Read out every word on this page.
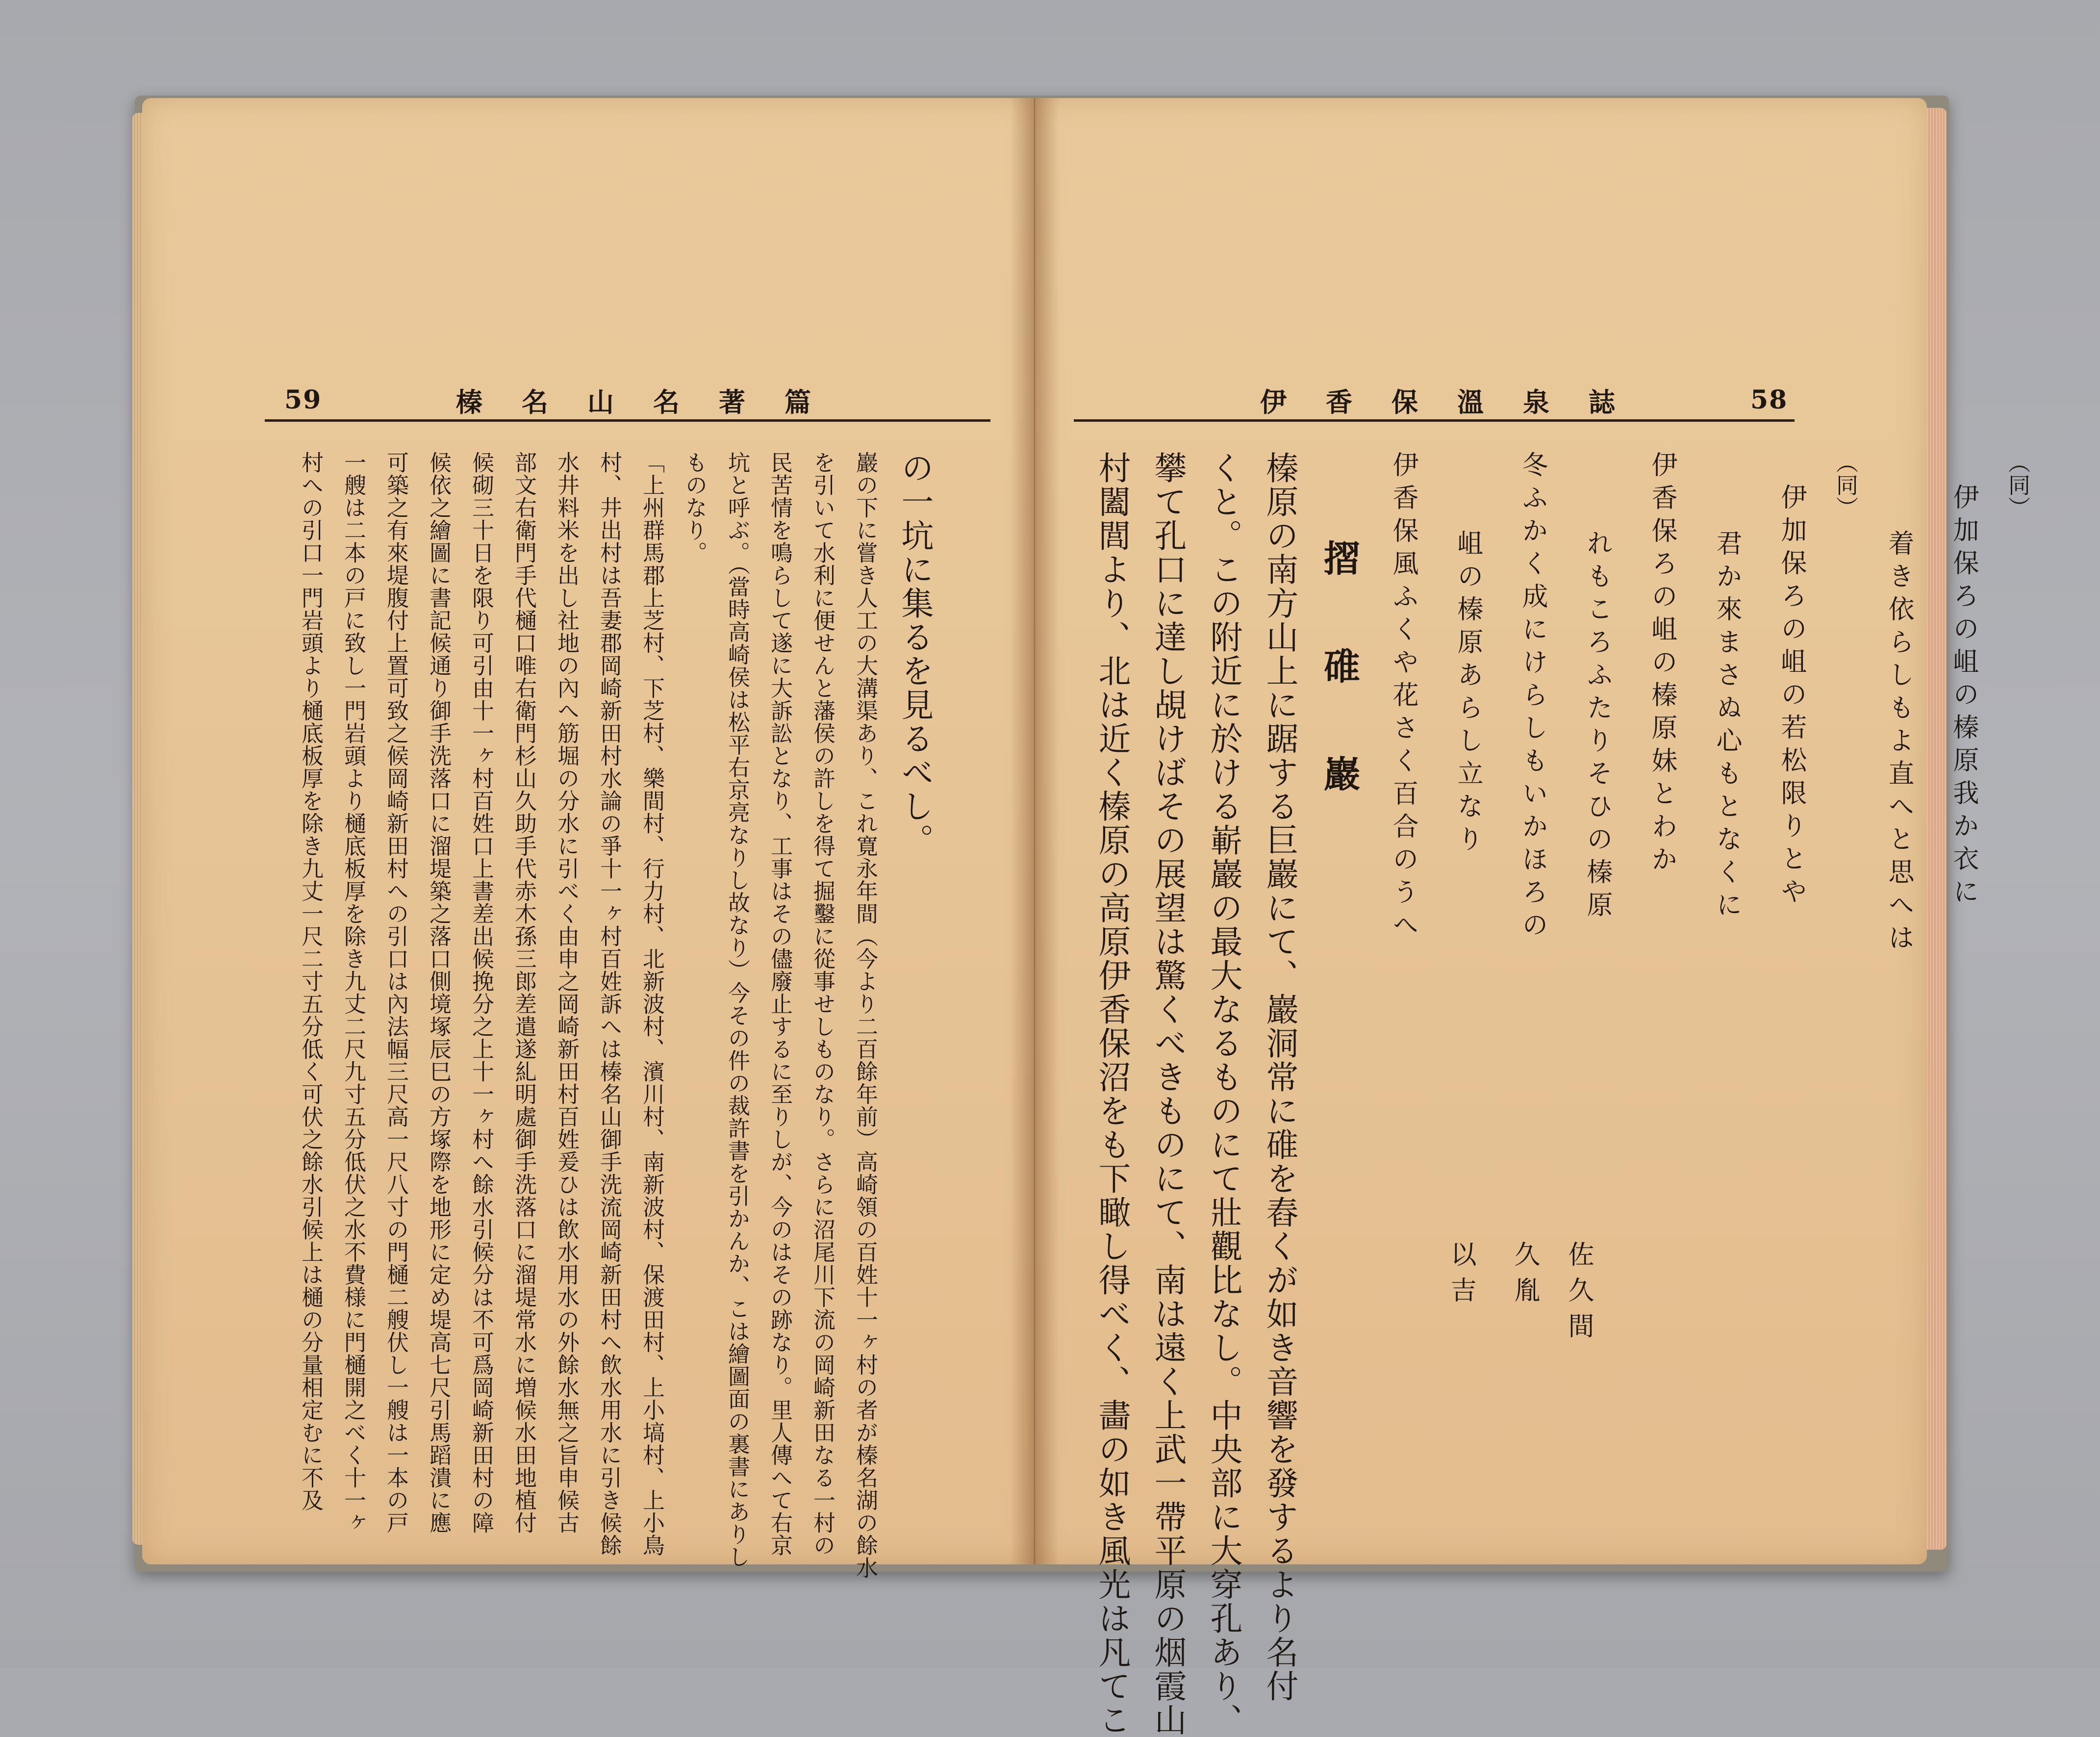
59	榛名山名著篇
の一坑に集るを見るべし。
巖の下に嘗き人工の大溝渠あり、これ寛永年間（今より二百餘年前）高崎領の百姓十一ヶ村の者が榛名湖の餘水
を引いて水利に便せんと藩侯の許しを得て掘鑿に從事せしものなり。さらに沼尾川下流の岡崎新田なる一村の
民苦情を鳴らして遂に大訴訟となり、工事はその儘廢止するに至りしが、今のはその跡なり。里人傳へて右京
坑と呼ぶ。（當時高崎侯は松平右京亮なりし故なり）今その件の裁許書を引かんか、こは繪圖面の裏書にありし
ものなり。
「上州群馬郡上芝村、下芝村、樂間村、行力村、北新波村、濱川村、南新波村、保渡田村、上小塙村、上小鳥
村、井出村は吾妻郡岡崎新田村水論の爭十一ヶ村百姓訴へは榛名山御手洗流岡崎新田村へ飲水用水に引き候餘
水井料米を出し社地の內へ筋堀の分水に引べく由申之岡崎新田村百姓爰ひは飲水用水の外餘水無之旨申候古
部文右衛門手代樋口唯右衛門杉山久助手代赤木孫三郎差遣遂糺明處御手洗落口に溜堤常水に増候水田地植付
候砌三十日を限り可引由十一ヶ村百姓口上書差出候挽分之上十一ヶ村へ餘水引候分は不可爲岡崎新田村の障
候依之繪圖に書記候通り御手洗落口に溜堤築之落口側境塚辰巳の方塚際を地形に定め堤高七尺引馬蹈潰に應
可築之有來堤腹付上置可致之候岡崎新田村への引口は內法幅三尺高一尺八寸の門樋二艘伏し一艘は一本の戸
一艘は二本の戸に致し一門岩頭より樋底板厚を除き九丈二尺九寸五分低伏之水不費様に門樋開之べく十一ヶ
村への引口一門岩頭より樋底板厚を除き九丈一尺二寸五分低く可伏之餘水引候上は樋の分量相定むに不及
58
伊香保溫泉誌
（同）
伊加保ろの岨の榛原我か衣に
着き依らしもよ直へと思へは
（同）
伊加保ろの岨の若松限りとや
君か來まさぬ心もとなくに
伊香保ろの岨の榛原妹とわか
れもころふたりそひの榛原
冬ふかく成にけらしもいかほろの
岨の榛原あらし立なり
伊香保風ふくや花さく百合のうへ
摺 碓 巖
榛原の南方山上に踞する巨巖にて、巖洞常に碓を舂くが如き音響を發するより名付
くと。この附近に於ける嶄巖の最大なるものにて壯觀比なし。中央部に大穿孔あり、
攀て孔口に達し覘けばその展望は驚くべきものにて、南は遠く上武一帶平原の烟霞山
村闔閭より、北は近く榛原の高原伊香保沼をも下瞰し得べく、畵の如き風光は凡てこ	佐久間
久胤
以吉
